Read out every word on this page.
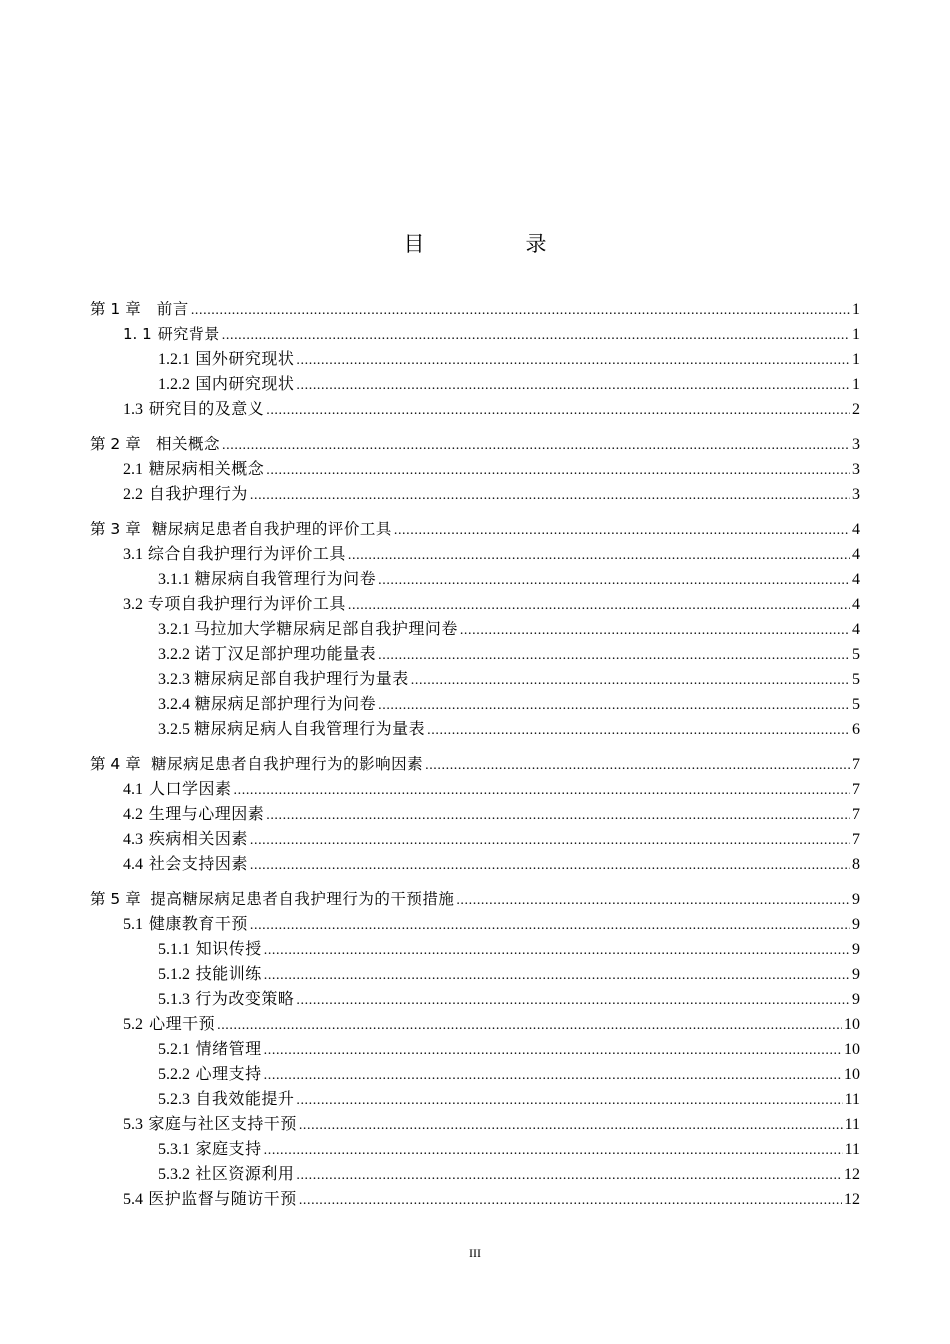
目　录
第 1 章 前言 .....	1
1. 1 研究背景 .....	1
1.2.1 国外研究现状 .....	1
1.2.2 国内研究现状 .....	1
1.3 研究目的及意义 .....	2
第 2 章 相关概念 .....	3
2.1 糖尿病相关概念 .....	3
2.2 自我护理行为 .....	3
第 3 章 糖尿病足患者自我护理的评价工具 .....	4
3.1 综合自我护理行为评价工具 .....	4
3.1.1 糖尿病自我管理行为问卷 .....	4
3.2 专项自我护理行为评价工具 .....	4
3.2.1 马拉加大学糖尿病足部自我护理问卷 .....	4
3.2.2 诺丁汉足部护理功能量表 .....	5
3.2.3 糖尿病足部自我护理行为量表 .....	5
3.2.4 糖尿病足部护理行为问卷 .....	5
3.2.5 糖尿病足病人自我管理行为量表 .....	6
第 4 章 糖尿病足患者自我护理行为的影响因素 .....	7
4.1 人口学因素 .....	7
4.2 生理与心理因素 .....	7
4.3 疾病相关因素 .....	7
4.4 社会支持因素 .....	8
第 5 章 提高糖尿病足患者自我护理行为的干预措施 .....	9
5.1 健康教育干预 .....	9
5.1.1 知识传授 .....	9
5.1.2 技能训练 .....	9
5.1.3 行为改变策略 .....	9
5.2 心理干预 .....	10
5.2.1 情绪管理 .....	10
5.2.2 心理支持 .....	10
5.2.3 自我效能提升 .....	11
5.3 家庭与社区支持干预 .....	11
5.3.1 家庭支持 .....	11
5.3.2 社区资源利用 .....	12
5.4 医护监督与随访干预 .....	12
III
